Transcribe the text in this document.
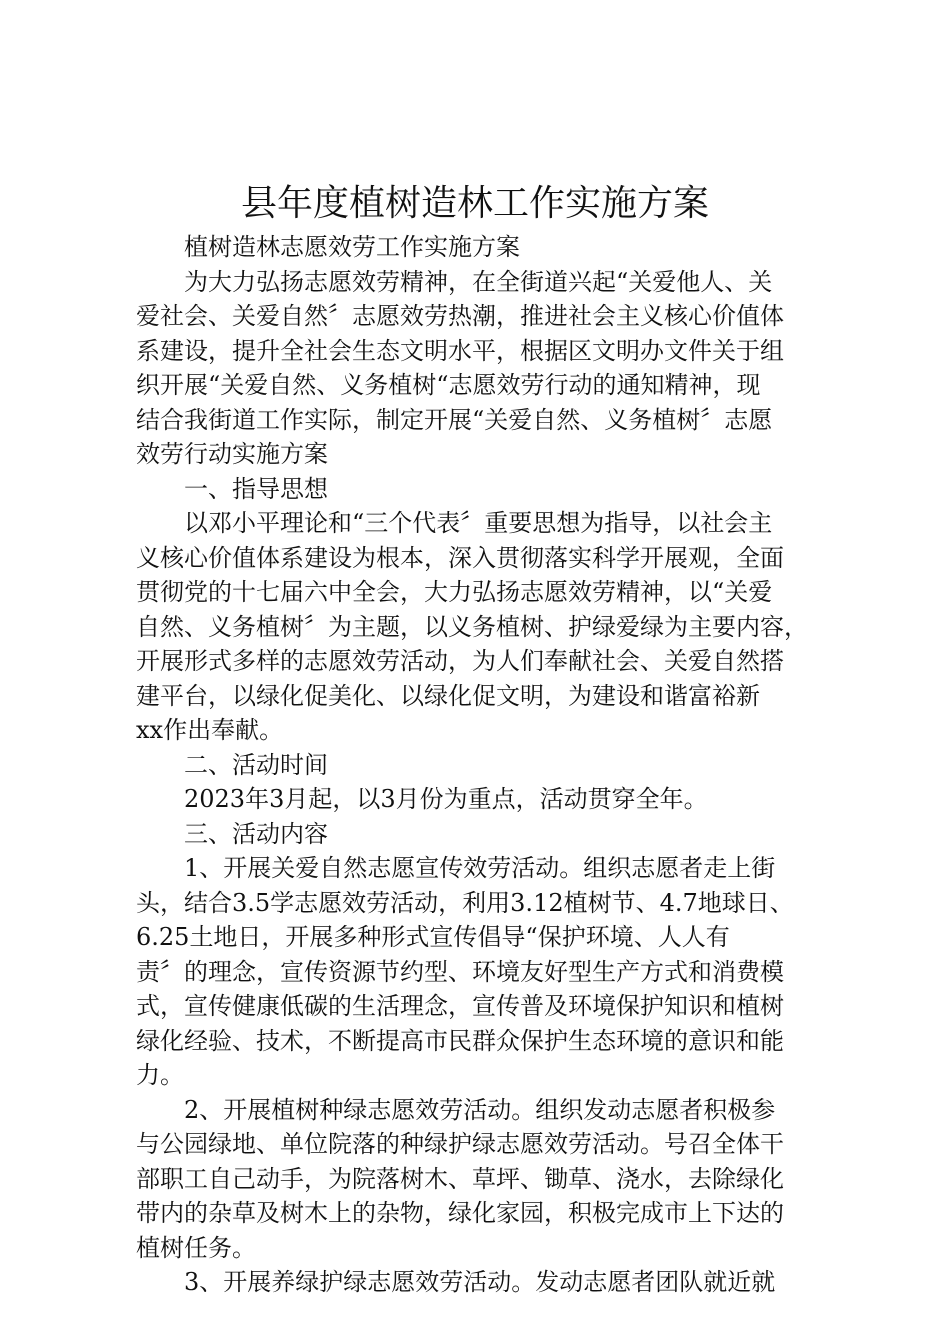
县年度植树造林工作实施方案
植树造林志愿效劳工作实施方案
为大力弘扬志愿效劳精神，在全街道兴起“关爱他人、关
爱社会、关爱自然〞志愿效劳热潮，推进社会主义核心价值体
系建设，提升全社会生态文明水平，根据区文明办文件关于组
织开展“关爱自然、义务植树“志愿效劳行动的通知精神，现
结合我街道工作实际，制定开展“关爱自然、义务植树〞志愿
效劳行动实施方案
一、指导思想
以邓小平理论和“三个代表〞重要思想为指导，以社会主
义核心价值体系建设为根本，深入贯彻落实科学开展观，全面
贯彻党的十七届六中全会，大力弘扬志愿效劳精神，以“关爱
自然、义务植树〞为主题，以义务植树、护绿爱绿为主要内容，
开展形式多样的志愿效劳活动，为人们奉献社会、关爱自然搭
建平台，以绿化促美化、以绿化促文明，为建设和谐富裕新
xx作出奉献。
二、活动时间
2023年3月起，以3月份为重点，活动贯穿全年。
三、活动内容
1、开展关爱自然志愿宣传效劳活动。组织志愿者走上街
头，结合3.5学志愿效劳活动，利用3.12植树节、4.7地球日、
6.25土地日，开展多种形式宣传倡导“保护环境、人人有
责〞的理念，宣传资源节约型、环境友好型生产方式和消费模
式，宣传健康低碳的生活理念，宣传普及环境保护知识和植树
绿化经验、技术，不断提高市民群众保护生态环境的意识和能
力。
2、开展植树种绿志愿效劳活动。组织发动志愿者积极参
与公园绿地、单位院落的种绿护绿志愿效劳活动。号召全体干
部职工自己动手，为院落树木、草坪、锄草、浇水，去除绿化
带内的杂草及树木上的杂物，绿化家园，积极完成市上下达的
植树任务。
3、开展养绿护绿志愿效劳活动。发动志愿者团队就近就
